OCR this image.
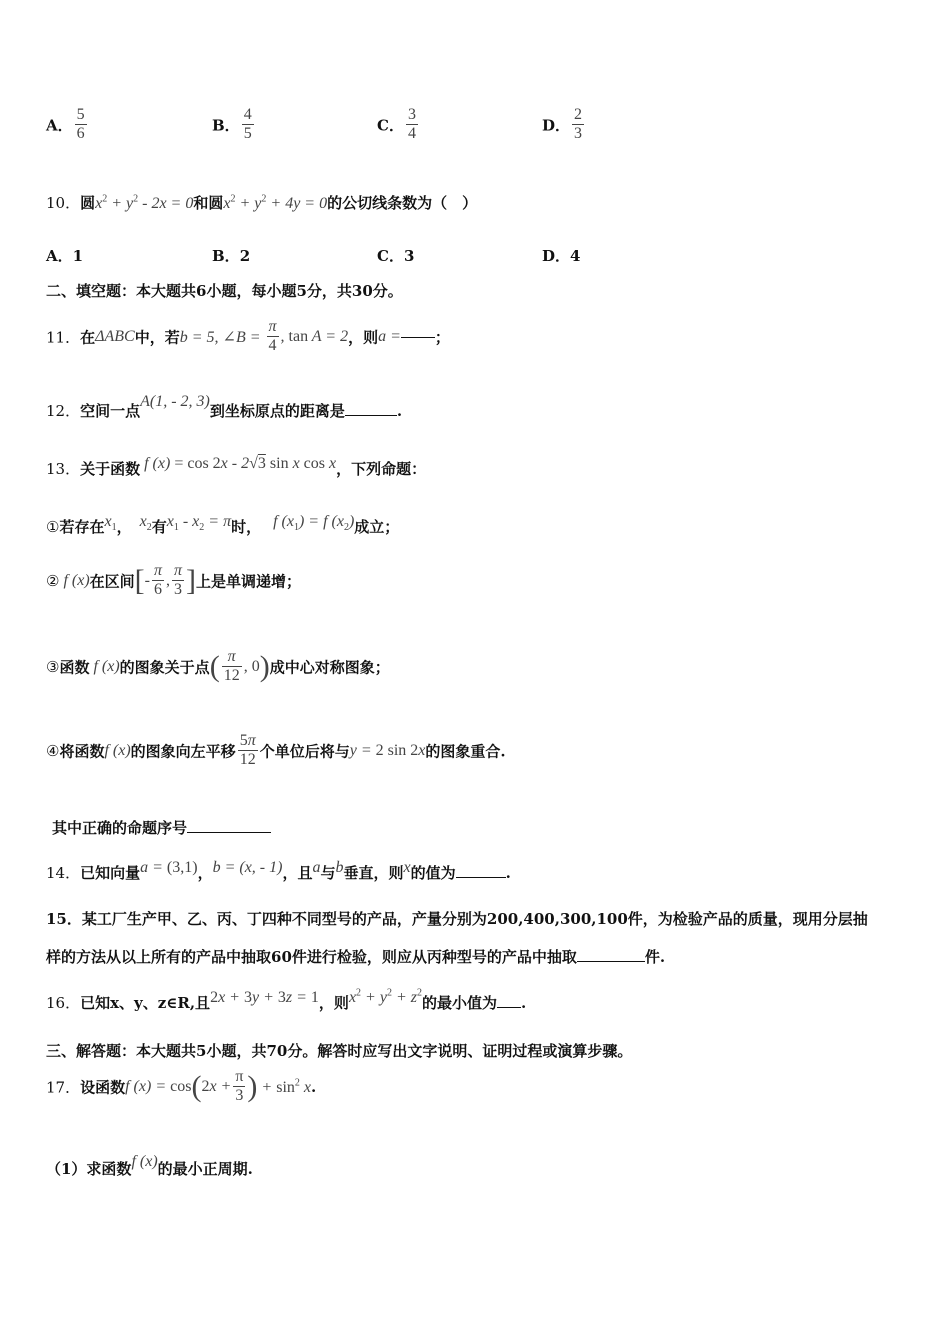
A． $\frac{5}{6}$	B． $\frac{4}{5}$	C． $\frac{3}{4}$	D． $\frac{2}{3}$
10．圆$x^2 + y^2 - 2x = 0$和圆$x^2 + y^2 + 4y = 0$的公切线条数为（　）
A．1	B．2	C．3	D．4
二、填空题：本大题共6小题，每小题5分，共30分。
11．在ΔABC中，若b = 5, ∠B = $\frac{\pi}{4}$ , tan A = 2，则a = ；
12．空间一点A(1, - 2, 3)到坐标原点的距离是	.
13．关于函数 f (x) = cos 2x - 2√3 sin x cos x，下列命题：
①若存在$x_1$， $x_2$有$x_1 - x_2 = \pi$时， f $(x_1) = f$ $(x_2)$成立；
② f (x)在区间[- $\frac{\pi}{6}$ , $\frac{\pi}{3}$ ]上是单调递增；
③函数 f (x)的图象关于点( $\frac{\pi}{12}$ , 0)成中心对称图象；
④将函数f (x)的图象向左平移 $\frac{5\pi}{12}$ 个单位后将与y = 2 sin 2x的图象重合.
其中正确的命题序号
14．已知向量a = (3,1)，b = (x, - 1)，且a与b垂直，则x的值为	.
15．某工厂生产甲、乙、丙、丁四种不同型号的产品，产量分别为200,400,300,100件，为检验产品的质量，现用分层抽
样的方法从以上所有的产品中抽取60件进行检验，则应从丙种型号的产品中抽取	件.
16．已知x、y、z∈R,且2x + 3y + 3z = 1，则$x^2 + y^2 + z^2$的最小值为 .
三、解答题：本大题共5小题，共70分。解答时应写出文字说明、证明过程或演算步骤。
17．设函数f $(x) = \cos(2x + \frac{\pi}{3}$ ) + $\sin^2 x$.
（1）求函数f (x)的最小正周期.
